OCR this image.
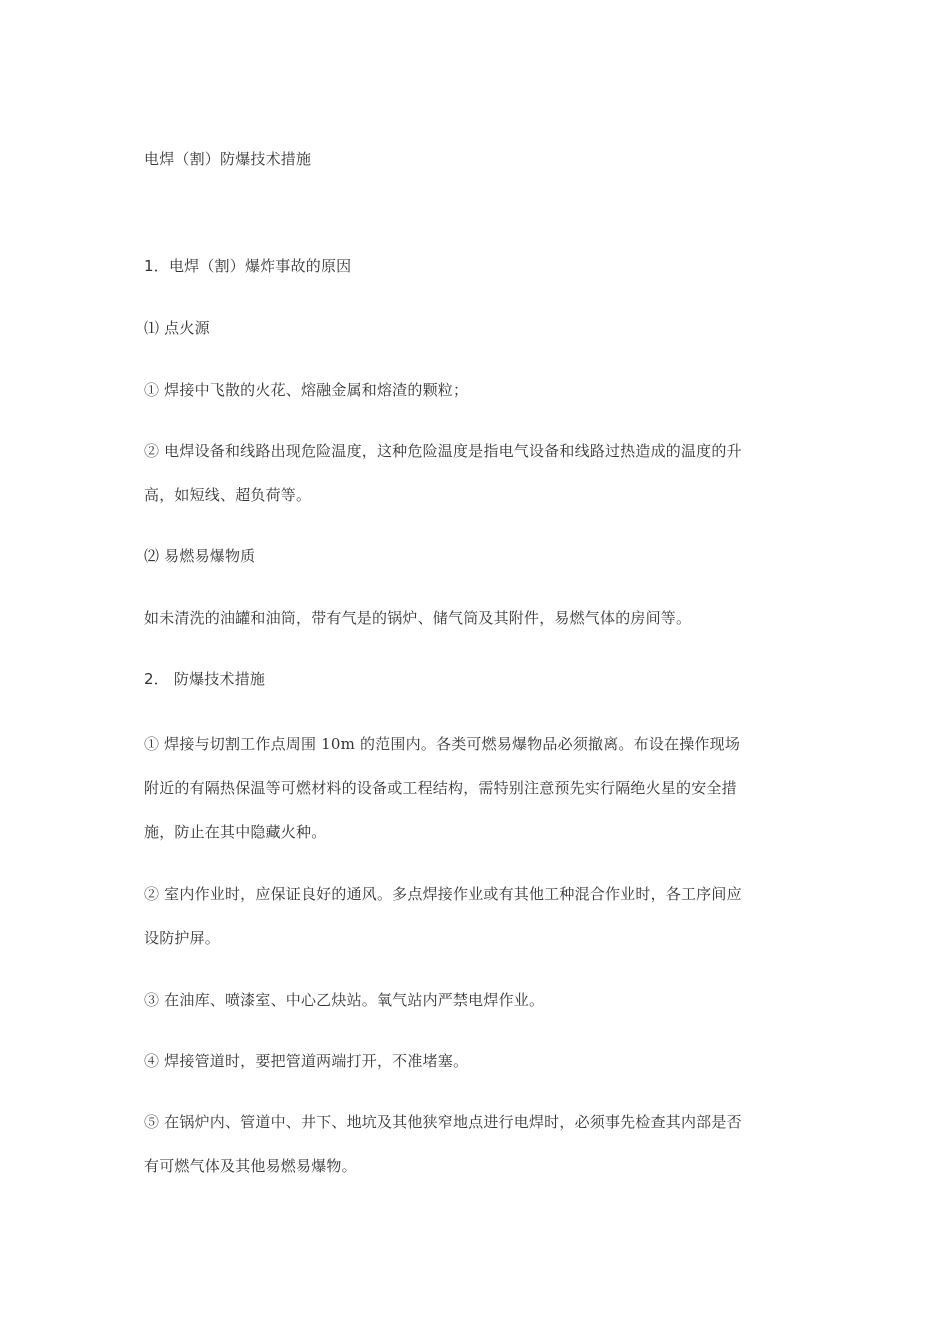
电焊（割）防爆技术措施
1．电焊（割）爆炸事故的原因
⑴ 点火源
① 焊接中飞散的火花、熔融金属和熔渣的颗粒；
② 电焊设备和线路出现危险温度，这种危险温度是指电气设备和线路过热造成的温度的升
高，如短线、超负荷等。
⑵ 易燃易爆物质
如未清洗的油罐和油筒，带有气是的锅炉、储气筒及其附件，易燃气体的房间等。
2． 防爆技术措施
① 焊接与切割工作点周围 10m 的范围内。各类可燃易爆物品必须撤离。布设在操作现场
附近的有隔热保温等可燃材料的设备或工程结构，需特别注意预先实行隔绝火星的安全措
施，防止在其中隐藏火种。
② 室内作业时，应保证良好的通风。多点焊接作业或有其他工种混合作业时，各工序间应
设防护屏。
③ 在油库、喷漆室、中心乙炔站。氧气站内严禁电焊作业。
④ 焊接管道时，要把管道两端打开，不准堵塞。
⑤ 在锅炉内、管道中、井下、地坑及其他狭窄地点进行电焊时，必须事先检查其内部是否
有可燃气体及其他易燃易爆物。
